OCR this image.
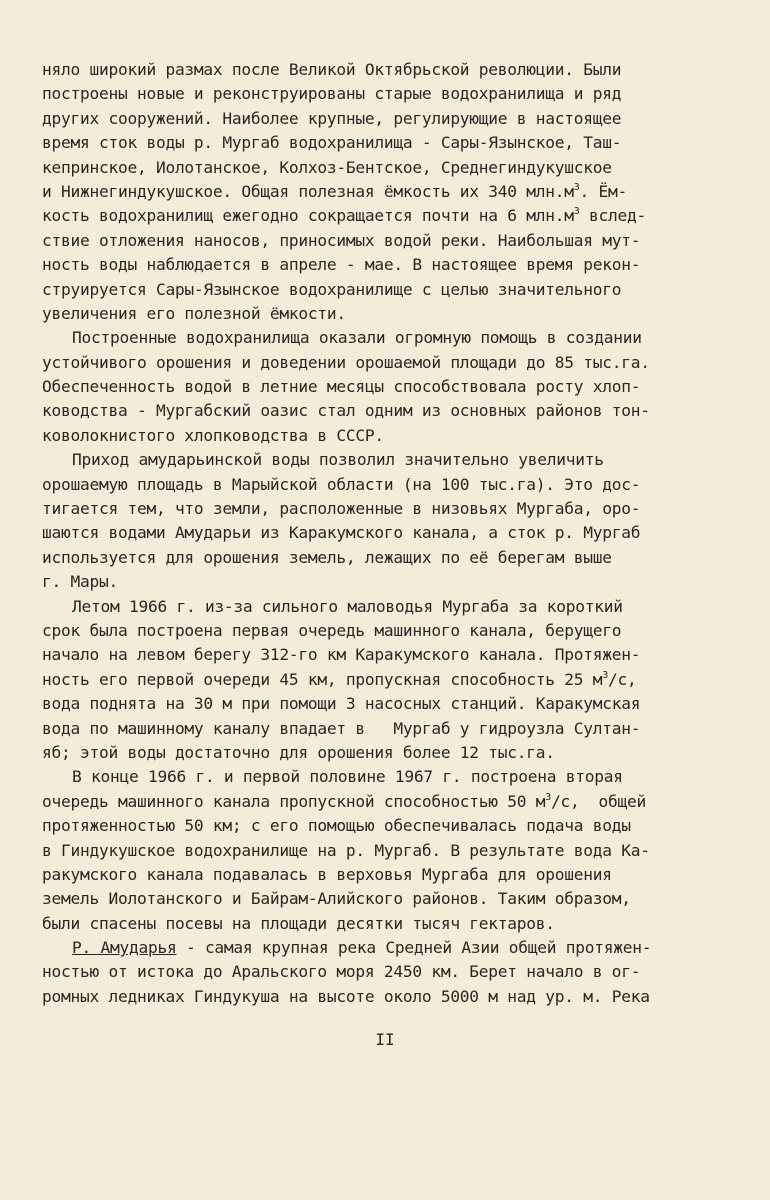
няло широкий размах после Великой Октябрьской революции. Были
построены новые и реконструированы старые водохранилища и ряд
других сооружений. Наиболее крупные, регулирующие в настоящее
время сток воды р. Мургаб водохранилища - Сары-Язынское, Таш-
кепринское, Иолотанское, Колхоз-Бентское, Среднегиндукушское
и Нижнегиндукушское. Общая полезная ёмкость их 340 $млн.м^3$. Ём-
кость водохранилищ ежегодно сокращается почти на 6 $млн.м^3$ вслед-
ствие отложения наносов, приносимых водой реки. Наибольшая мут-
ность воды наблюдается в апреле - мае. В настоящее время рекон-
струируется Сары-Язынское водохранилище с целью значительного
увеличения его полезной ёмкости.
Построенные водохранилища оказали огромную помощь в создании
устойчивого орошения и доведении орошаемой площади до 85 тыс.га.
Обеспеченность водой в летние месяцы способствовала росту хлоп-
ководства - Мургабский оазис стал одним из основных районов тон-
коволокнистого хлопководства в СССР.
Приход амударьинской воды позволил значительно увеличить
орошаемую площадь в Марыйской области (на 100 тыс.га). Это дос-
тигается тем, что земли, расположенные в низовьях Мургаба, оро-
шаются водами Амударьи из Каракумского канала, а сток р. Мургаб
используется для орошения земель, лежащих по её берегам выше
г. Мары.
Летом 1966 г. из-за сильного маловодья Мургаба за короткий
срок была построена первая очередь машинного канала, берущего
начало на левом берегу 312-го км Каракумского канала. Протяжен-
ность его первой очереди 45 км, пропускная способность 25 $м^3/с$,
вода поднята на 30 м при помощи 3 насосных станций. Каракумская
вода по машинному каналу впадает в   Мургаб у гидроузла Султан-
яб; этой воды достаточно для орошения более 12 тыс.га.
В конце 1966 г. и первой половине 1967 г. построена вторая
очередь машинного канала пропускной способностью 50 $м^3/с$,  общей
протяженностью 50 км; с его помощью обеспечивалась подача воды
в Гиндукушское водохранилище на р. Мургаб. В результате вода Ка-
ракумского канала подавалась в верховья Мургаба для орошения
земель Иолотанского и Байрам-Алийского районов. Таким образом,
были спасены посевы на площади десятки тысяч гектаров.
Р. Амударья - самая крупная река Средней Азии общей протяжен-
ностью от истока до Аральского моря 2450 км. Берет начало в ог-
ромных ледниках Гиндукуша на высоте около 5000 м над ур. м. Река
II
